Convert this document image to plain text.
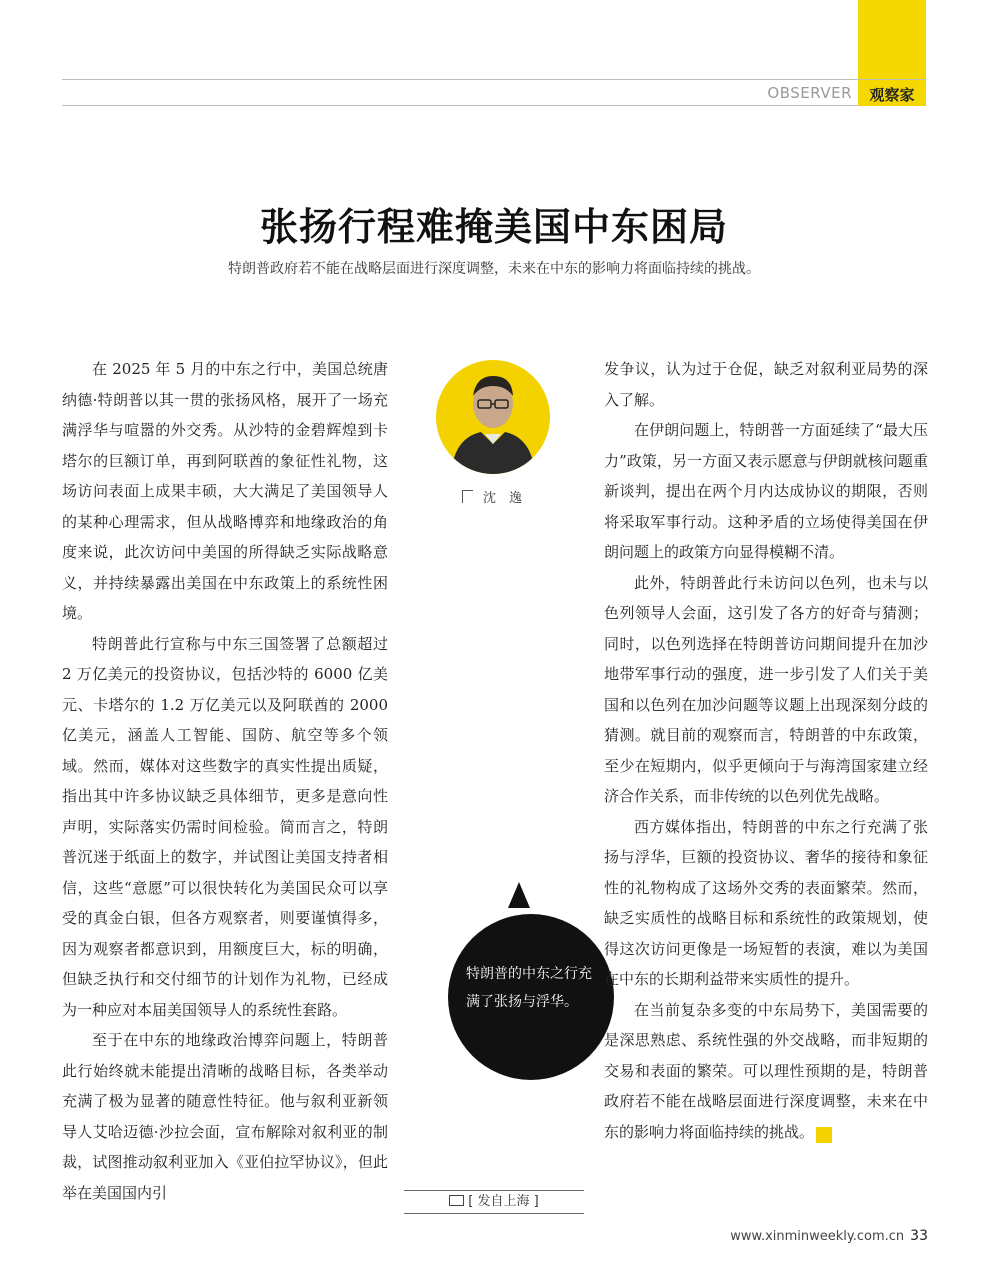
OBSERVER	观察家
张扬行程难掩美国中东困局
特朗普政府若不能在战略层面进行深度调整，未来在中东的影响力将面临持续的挑战。

在 2025 年 5 月的中东之行中，美国总统唐纳德·特朗普以其一贯的张扬风格，展开了一场充满浮华与喧嚣的外交秀。从沙特的金碧辉煌到卡塔尔的巨额订单，再到阿联酋的象征性礼物，这场访问表面上成果丰硕，大大满足了美国领导人的某种心理需求，但从战略博弈和地缘政治的角度来说，此次访问中美国的所得缺乏实际战略意义，并持续暴露出美国在中东政策上的系统性困境。

特朗普此行宣称与中东三国签署了总额超过 2 万亿美元的投资协议，包括沙特的 6000 亿美元、卡塔尔的 1.2 万亿美元以及阿联酋的 2000 亿美元，涵盖人工智能、国防、航空等多个领域。然而，媒体对这些数字的真实性提出质疑，指出其中许多协议缺乏具体细节，更多是意向性声明，实际落实仍需时间检验。简而言之，特朗普沉迷于纸面上的数字，并试图让美国支持者相信，这些“意愿”可以很快转化为美国民众可以享受的真金白银，但各方观察者，则要谨慎得多，因为观察者都意识到，用额度巨大，标的明确，但缺乏执行和交付细节的计划作为礼物，已经成为一种应对本届美国领导人的系统性套路。

至于在中东的地缘政治博弈问题上，特朗普此行始终就未能提出清晰的战略目标，各类举动充满了极为显著的随意性特征。他与叙利亚新领导人艾哈迈德·沙拉会面，宣布解除对叙利亚的制裁，试图推动叙利亚加入《亚伯拉罕协议》，但此举在美国国内引

沈　逸
特朗普的中东之行充满了张扬与浮华。

发争议，认为过于仓促，缺乏对叙利亚局势的深入了解。

在伊朗问题上，特朗普一方面延续了“最大压力”政策，另一方面又表示愿意与伊朗就核问题重新谈判，提出在两个月内达成协议的期限，否则将采取军事行动。这种矛盾的立场使得美国在伊朗问题上的政策方向显得模糊不清。

此外，特朗普此行未访问以色列，也未与以色列领导人会面，这引发了各方的好奇与猜测；同时，以色列选择在特朗普访问期间提升在加沙地带军事行动的强度，进一步引发了人们关于美国和以色列在加沙问题等议题上出现深刻分歧的猜测。就目前的观察而言，特朗普的中东政策，至少在短期内，似乎更倾向于与海湾国家建立经济合作关系，而非传统的以色列优先战略。

西方媒体指出，特朗普的中东之行充满了张扬与浮华，巨额的投资协议、奢华的接待和象征性的礼物构成了这场外交秀的表面繁荣。然而，缺乏实质性的战略目标和系统性的政策规划，使得这次访问更像是一场短暂的表演，难以为美国在中东的长期利益带来实质性的提升。

在当前复杂多变的中东局势下，美国需要的是深思熟虑、系统性强的外交战略，而非短期的交易和表面的繁荣。可以理性预期的是，特朗普政府若不能在战略层面进行深度调整，未来在中东的影响力将面临持续的挑战。	民

[ 发自上海 ]
www.xinminweekly.com.cn 33
